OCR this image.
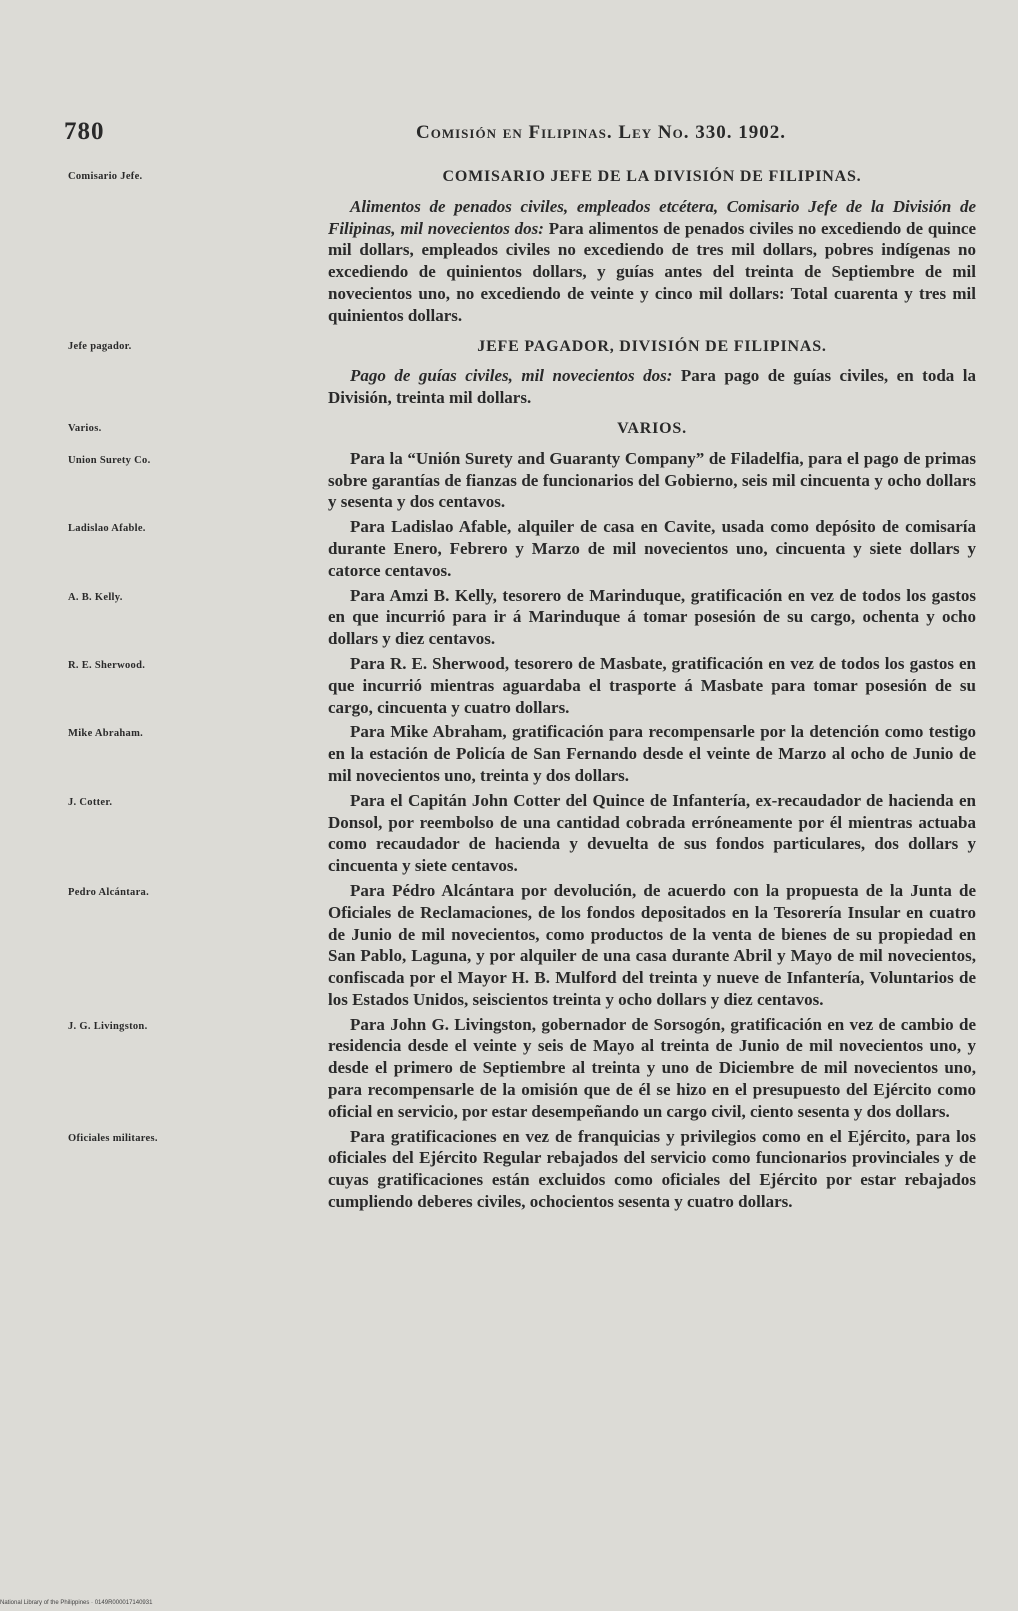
780	Comisión en Filipinas. Ley No. 330. 1902.
Comisario Jefe.	COMISARIO JEFE DE LA DIVISIÓN DE FILIPINAS.

Alimentos de penados civiles, empleados etcétera, Comisario Jefe de la División de Filipinas, mil novecientos dos: Para alimentos de penados civiles no excediendo de quince mil dollars, empleados civiles no excediendo de tres mil dollars, pobres indígenas no excediendo de quinientos dollars, y guías antes del treinta de Septiembre de mil novecientos uno, no excediendo de veinte y cinco mil dollars: Total cuarenta y tres mil quinientos dollars.

Jefe pagador.	JEFE PAGADOR, DIVISIÓN DE FILIPINAS.

Pago de guías civiles, mil novecientos dos: Para pago de guías civiles, en toda la División, treinta mil dollars.

Varios.	VARIOS.

Union Surety Co.	Para la “Unión Surety and Guaranty Company” de Filadelfia, para el pago de primas sobre garantías de fianzas de funcionarios del Gobierno, seis mil cincuenta y ocho dollars y sesenta y dos centavos.

Ladislao Afable.	Para Ladislao Afable, alquiler de casa en Cavite, usada como depósito de comisaría durante Enero, Febrero y Marzo de mil novecientos uno, cincuenta y siete dollars y catorce centavos.

A. B. Kelly.	Para Amzi B. Kelly, tesorero de Marinduque, gratificación en vez de todos los gastos en que incurrió para ir á Marinduque á tomar posesión de su cargo, ochenta y ocho dollars y diez centavos.

R. E. Sherwood.	Para R. E. Sherwood, tesorero de Masbate, gratificación en vez de todos los gastos en que incurrió mientras aguardaba el trasporte á Masbate para tomar posesión de su cargo, cincuenta y cuatro dollars.

Mike Abraham.	Para Mike Abraham, gratificación para recompensarle por la detención como testigo en la estación de Policía de San Fernando desde el veinte de Marzo al ocho de Junio de mil novecientos uno, treinta y dos dollars.

J. Cotter.	Para el Capitán John Cotter del Quince de Infantería, ex-recaudador de hacienda en Donsol, por reembolso de una cantidad cobrada erróneamente por él mientras actuaba como recaudador de hacienda y devuelta de sus fondos particulares, dos dollars y cincuenta y siete centavos.

Pedro Alcántara.	Para Pédro Alcántara por devolución, de acuerdo con la propuesta de la Junta de Oficiales de Reclamaciones, de los fondos depositados en la Tesorería Insular en cuatro de Junio de mil novecientos, como productos de la venta de bienes de su propiedad en San Pablo, Laguna, y por alquiler de una casa durante Abril y Mayo de mil novecientos, confiscada por el Mayor H. B. Mulford del treinta y nueve de Infantería, Voluntarios de los Estados Unidos, seiscientos treinta y ocho dollars y diez centavos.

J. G. Livingston.	Para John G. Livingston, gobernador de Sorsogón, gratificación en vez de cambio de residencia desde el veinte y seis de Mayo al treinta de Junio de mil novecientos uno, y desde el primero de Septiembre al treinta y uno de Diciembre de mil novecientos uno, para recompensarle de la omisión que de él se hizo en el presupuesto del Ejército como oficial en servicio, por estar desempeñando un cargo civil, ciento sesenta y dos dollars.

Oficiales militares.	Para gratificaciones en vez de franquicias y privilegios como en el Ejército, para los oficiales del Ejército Regular rebajados del servicio como funcionarios provinciales y de cuyas gratificaciones están excluidos como oficiales del Ejército por estar rebajados cumpliendo deberes civiles, ochocientos sesenta y cuatro dollars.

National Library of the Philippines · 0149R000017140931
